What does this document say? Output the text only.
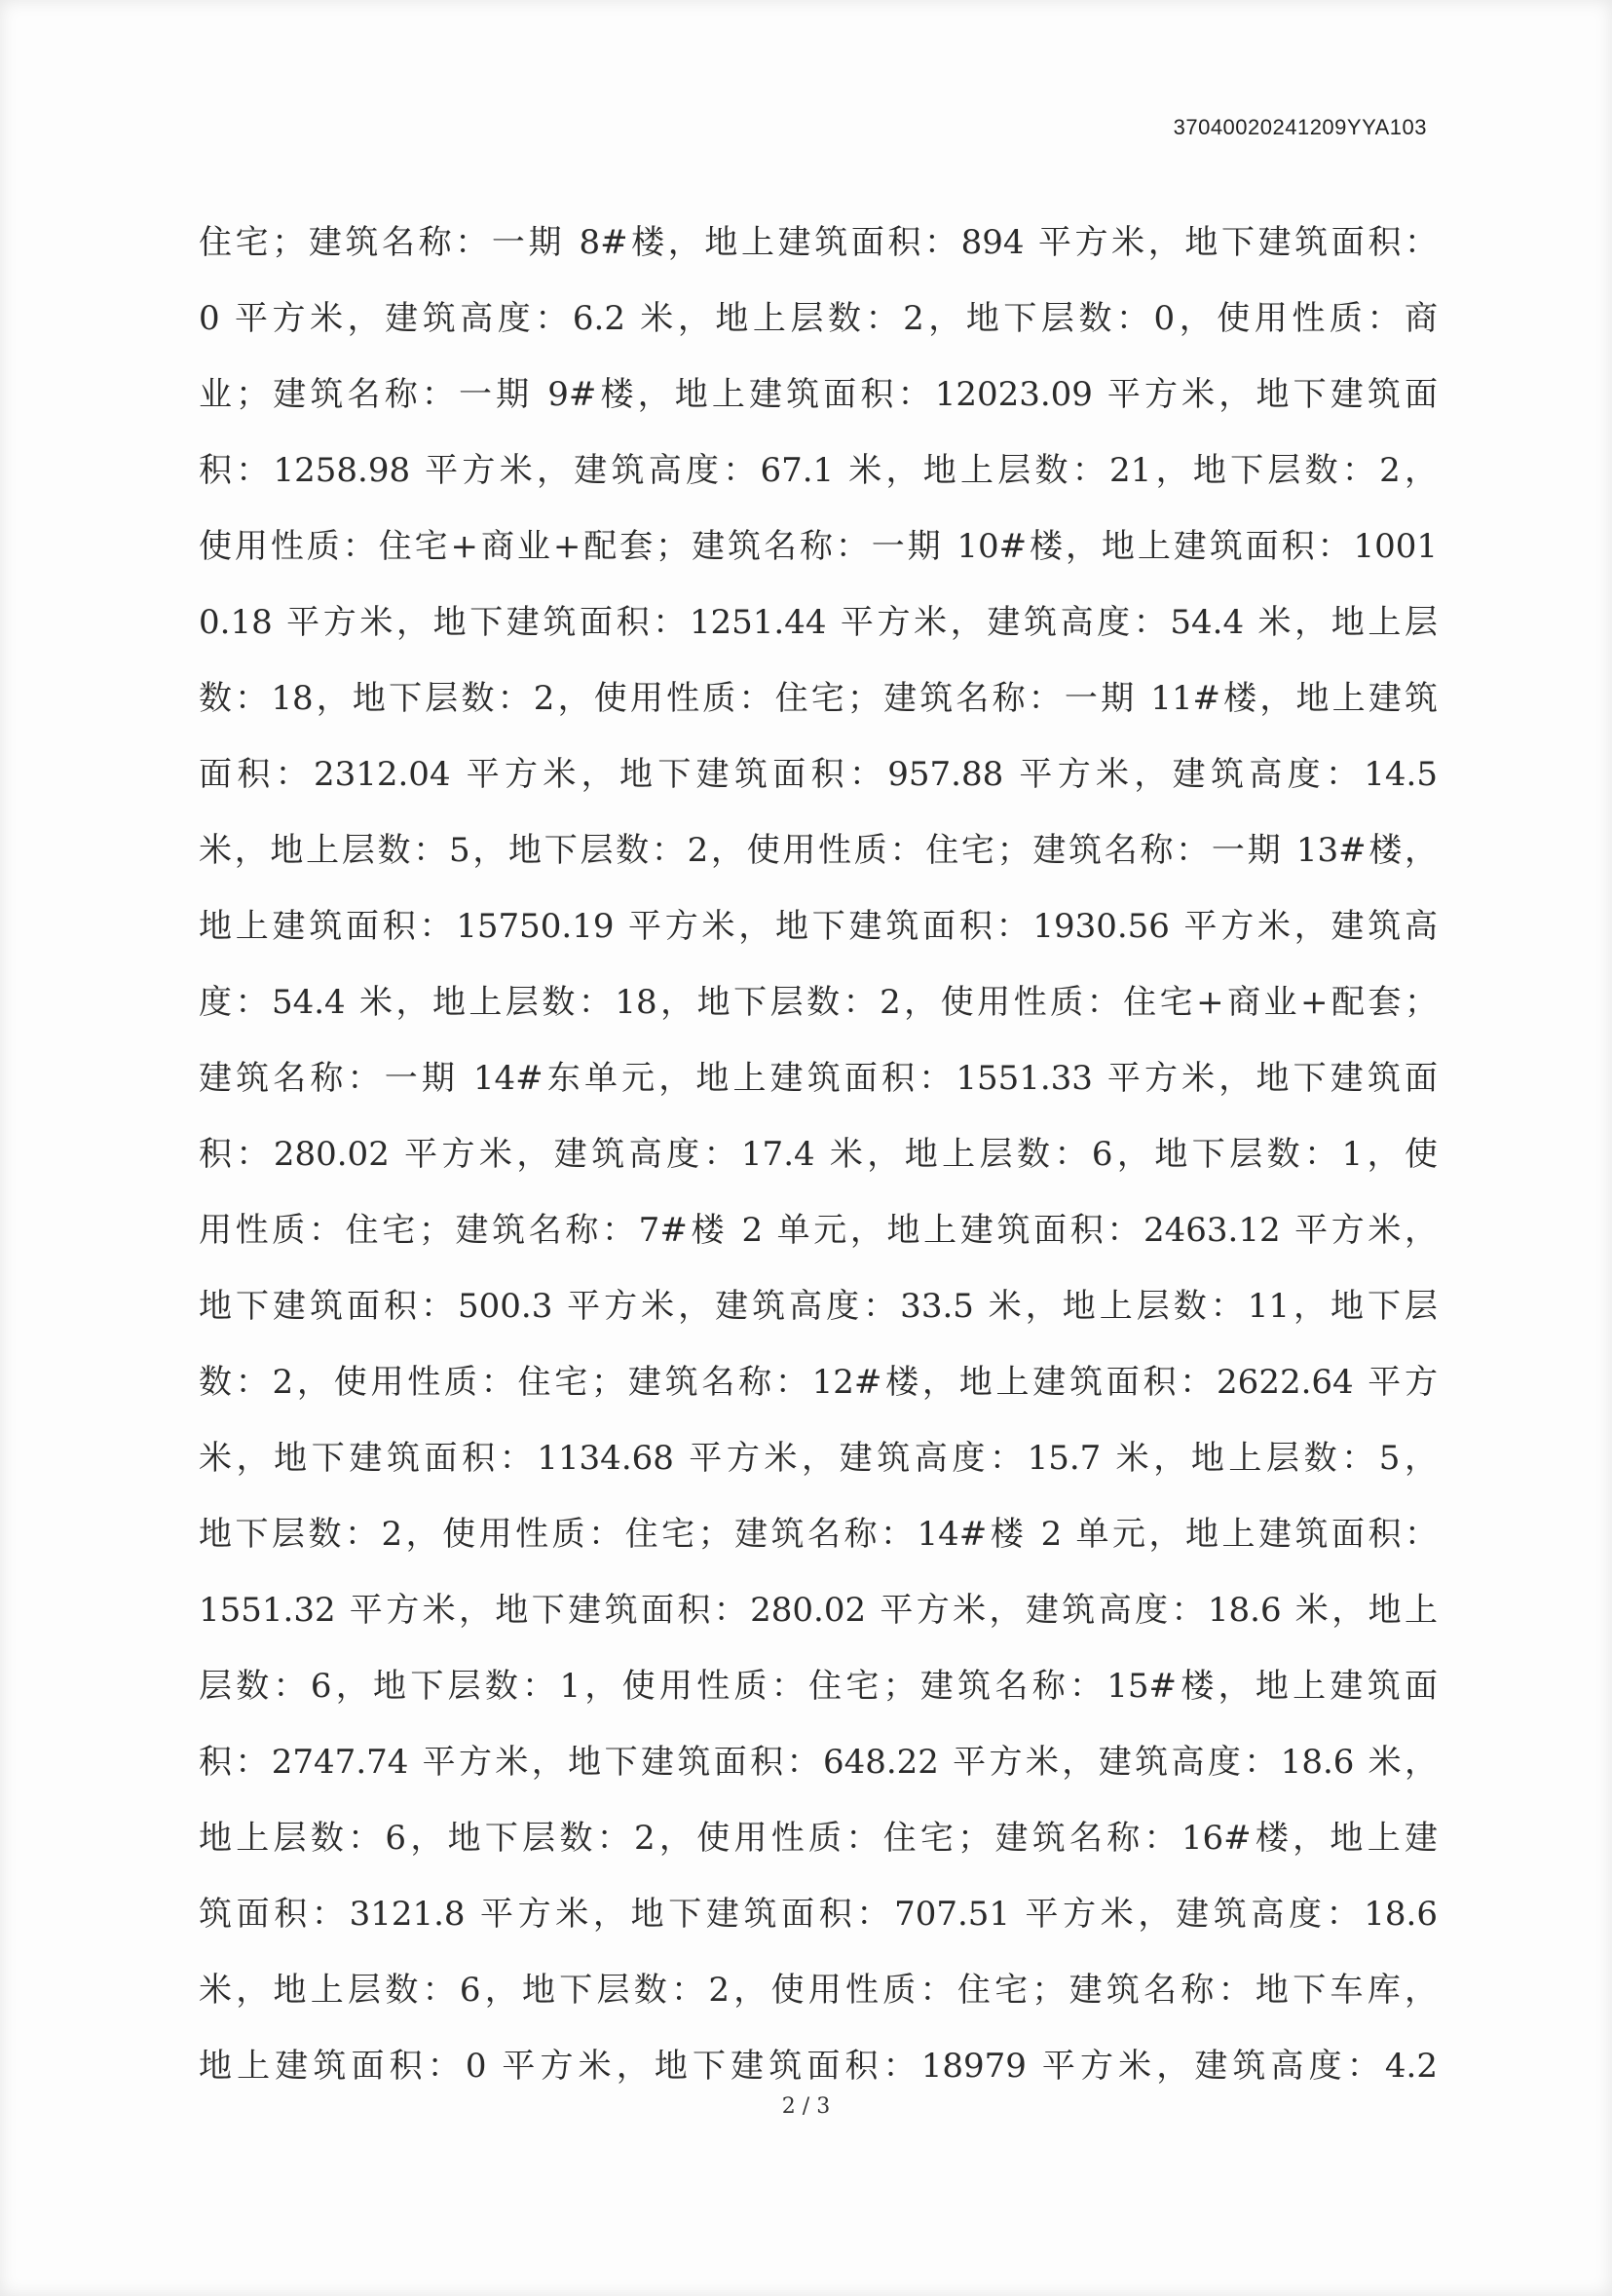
37040020241209YYA103
住宅；建筑名称：一期 8#楼，地上建筑面积：894 平方米，地下建筑面积：
0 平方米，建筑高度：6.2 米，地上层数：2，地下层数：0，使用性质：商
业；建筑名称：一期 9#楼，地上建筑面积：12023.09 平方米，地下建筑面
积：1258.98 平方米，建筑高度：67.1 米，地上层数：21，地下层数：2，
使用性质：住宅+商业+配套；建筑名称：一期 10#楼，地上建筑面积：1001
0.18 平方米，地下建筑面积：1251.44 平方米，建筑高度：54.4 米，地上层
数：18，地下层数：2，使用性质：住宅；建筑名称：一期 11#楼，地上建筑
面积：2312.04 平方米，地下建筑面积：957.88 平方米，建筑高度：14.5
米，地上层数：5，地下层数：2，使用性质：住宅；建筑名称：一期 13#楼，
地上建筑面积：15750.19 平方米，地下建筑面积：1930.56 平方米，建筑高
度：54.4 米，地上层数：18，地下层数：2，使用性质：住宅+商业+配套；
建筑名称：一期 14#东单元，地上建筑面积：1551.33 平方米，地下建筑面
积：280.02 平方米，建筑高度：17.4 米，地上层数：6，地下层数：1，使
用性质：住宅；建筑名称：7#楼 2 单元，地上建筑面积：2463.12 平方米，
地下建筑面积：500.3 平方米，建筑高度：33.5 米，地上层数：11，地下层
数：2，使用性质：住宅；建筑名称：12#楼，地上建筑面积：2622.64 平方
米，地下建筑面积：1134.68 平方米，建筑高度：15.7 米，地上层数：5，
地下层数：2，使用性质：住宅；建筑名称：14#楼 2 单元，地上建筑面积：
1551.32 平方米，地下建筑面积：280.02 平方米，建筑高度：18.6 米，地上
层数：6，地下层数：1，使用性质：住宅；建筑名称：15#楼，地上建筑面
积：2747.74 平方米，地下建筑面积：648.22 平方米，建筑高度：18.6 米，
地上层数：6，地下层数：2，使用性质：住宅；建筑名称：16#楼，地上建
筑面积：3121.8 平方米，地下建筑面积：707.51 平方米，建筑高度：18.6
米，地上层数：6，地下层数：2，使用性质：住宅；建筑名称：地下车库，
地上建筑面积：0 平方米，地下建筑面积：18979 平方米，建筑高度：4.2
2 / 3
